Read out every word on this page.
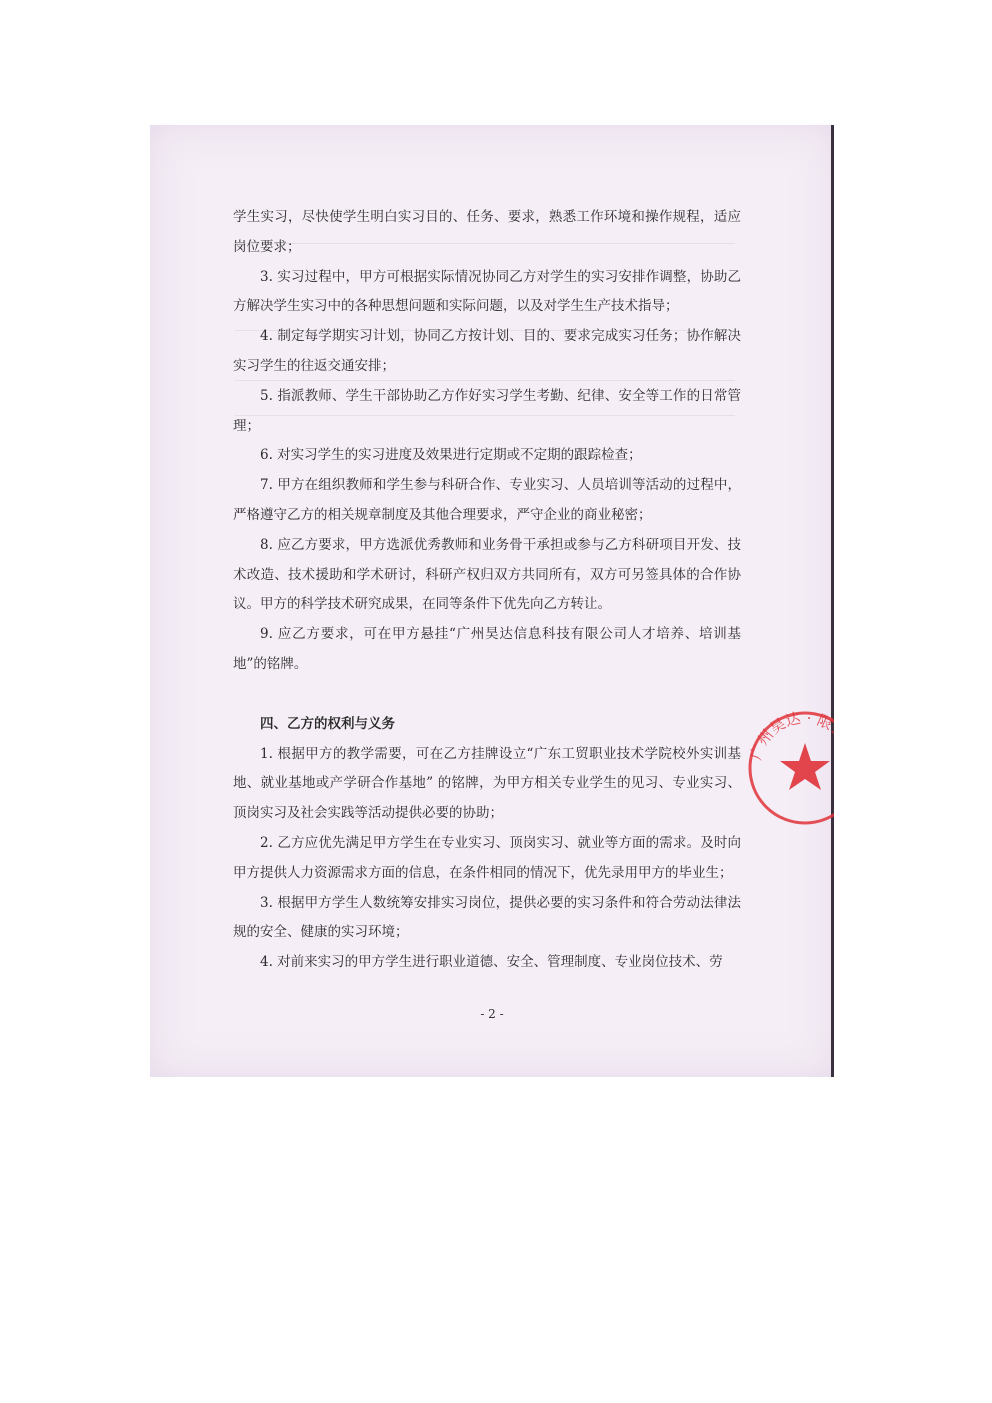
学生实习，尽快使学生明白实习目的、任务、要求，熟悉工作环境和操作规程，适应岗位要求；

3. 实习过程中，甲方可根据实际情况协同乙方对学生的实习安排作调整，协助乙方解决学生实习中的各种思想问题和实际问题，以及对学生生产技术指导；

4. 制定每学期实习计划，协同乙方按计划、目的、要求完成实习任务；协作解决实习学生的往返交通安排；

5. 指派教师、学生干部协助乙方作好实习学生考勤、纪律、安全等工作的日常管理；

6. 对实习学生的实习进度及效果进行定期或不定期的跟踪检查；

7. 甲方在组织教师和学生参与科研合作、专业实习、人员培训等活动的过程中，严格遵守乙方的相关规章制度及其他合理要求，严守企业的商业秘密；

8. 应乙方要求，甲方选派优秀教师和业务骨干承担或参与乙方科研项目开发、技术改造、技术援助和学术研讨，科研产权归双方共同所有，双方可另签具体的合作协议。甲方的科学技术研究成果，在同等条件下优先向乙方转让。

9. 应乙方要求，可在甲方悬挂“广州昊达信息科技有限公司人才培养、培训基地”的铭牌。

四、乙方的权利与义务

1. 根据甲方的教学需要，可在乙方挂牌设立“广东工贸职业技术学院校外实训基地、就业基地或产学研合作基地” 的铭牌，为甲方相关专业学生的见习、专业实习、顶岗实习及社会实践等活动提供必要的协助；

2. 乙方应优先满足甲方学生在专业实习、顶岗实习、就业等方面的需求。及时向甲方提供人力资源需求方面的信息，在条件相同的情况下，优先录用甲方的毕业生；

3. 根据甲方学生人数统筹安排实习岗位，提供必要的实习条件和符合劳动法律法规的安全、健康的实习环境；

4. 对前来实习的甲方学生进行职业道德、安全、管理制度、专业岗位技术、劳

广州昊达 · 限公司
- 2 -
